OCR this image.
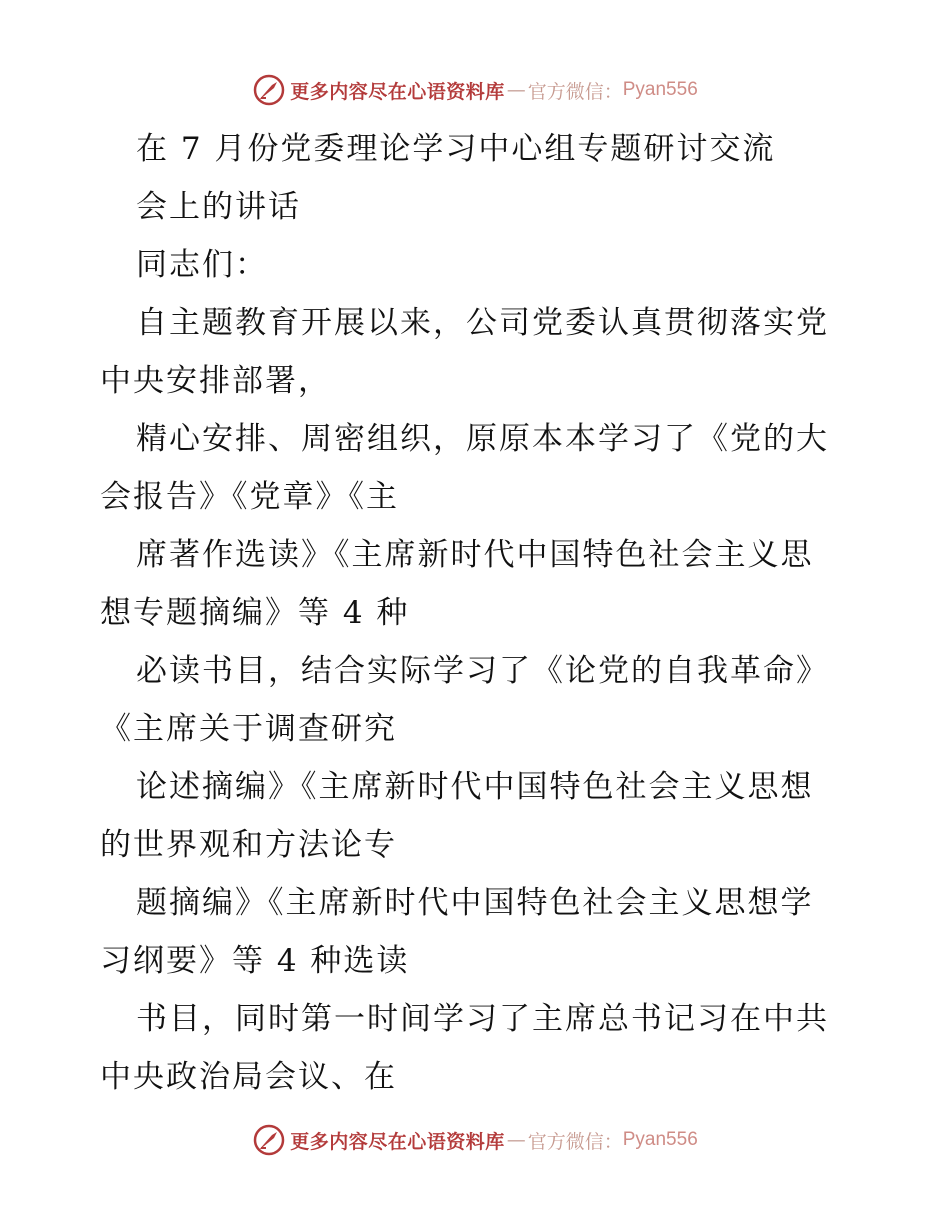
更多内容尽在心语资料库 — 官方微信： Pyan556
在 7 月份党委理论学习中心组专题研讨交流
会上的讲话
同志们：
自主题教育开展以来，公司党委认真贯彻落实党
中央安排部署，
精心安排、周密组织，原原本本学习了《党的大
会报告》《党章》《主
席著作选读》《主席新时代中国特色社会主义思
想专题摘编》等 4 种
必读书目，结合实际学习了《论党的自我革命》
《主席关于调查研究
论述摘编》《主席新时代中国特色社会主义思想
的世界观和方法论专
题摘编》《主席新时代中国特色社会主义思想学
习纲要》等 4 种选读
书目，同时第一时间学习了主席总书记习在中共
中央政治局会议、在
更多内容尽在心语资料库 — 官方微信： Pyan556
